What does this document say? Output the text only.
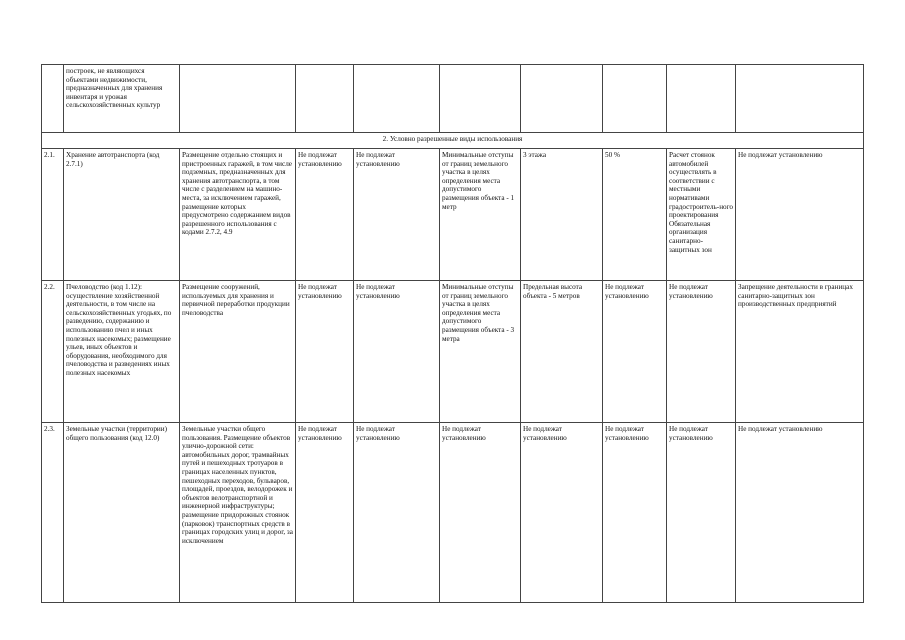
	построек, не являющихся объектами недвижимости, предназначенных для хранения инвентаря и урожая сельскохозяйственных культур								

2. Условно разрешенные виды использования									
2.1.	Хранение автотранспорта (код 2.7.1)	Размещение отдельно стоящих и пристроенных гаражей, в том числе подземных, предназначенных для хранения автотранспорта, в том числе с разделением на машино-места, за исключением гаражей, размещение которых предусмотрено содержанием видов разрешенного использования с кодами 2.7.2, 4.9	Не подлежат установлению	Не подлежат установлению	Минимальные отступы от границ земельного участка в целях определения места допустимого размещения объекта - 1 метр	3 этажа	50 %	Расчет стоянок автомобилей осуществлять в соответствии с местными нормативами градостроитель-ного проектирования Обязательная организация санитарно-защитных зон	Не подлежат установлению
2.2.	Пчеловодство (код 1.12): осуществление хозяйственной деятельности, в том числе на сельскохозяйственных угодьях, по разведению, содержанию и использованию пчел и иных полезных насекомых; размещение ульев, иных объектов и оборудования, необходимого для пчеловодства и разведениях иных полезных насекомых	Размещение сооружений, используемых для хранения и первичной переработки продукции пчеловодства	Не подлежат установлению	Не подлежат установлению	Минимальные отступы от границ земельного участка в целях определения места допустимого размещения объекта - 3 метра	Предельная высота объекта - 5 метров	Не подлежат установлению	Не подлежат установлению	Запрещение деятельности в границах санитарно-защитных зон производственных предприятий
2.3.	Земельные участки (территории) общего пользования (код 12.0)	Земельные участки общего пользования. Размещение объектов улично-дорожной сети: автомобильных дорог, трамвайных путей и пешеходных тротуаров в границах населенных пунктов, пешеходных переходов, бульваров, площадей, проездов, велодорожек и объектов велотранспортной и инженерной инфраструктуры; размещение придорожных стоянок (парковок) транспортных средств в границах городских улиц и дорог, за исключением	Не подлежат установлению	Не подлежат установлению	Не подлежат установлению	Не подлежат установлению	Не подлежат установлению	Не подлежат установлению	Не подлежат установлению
